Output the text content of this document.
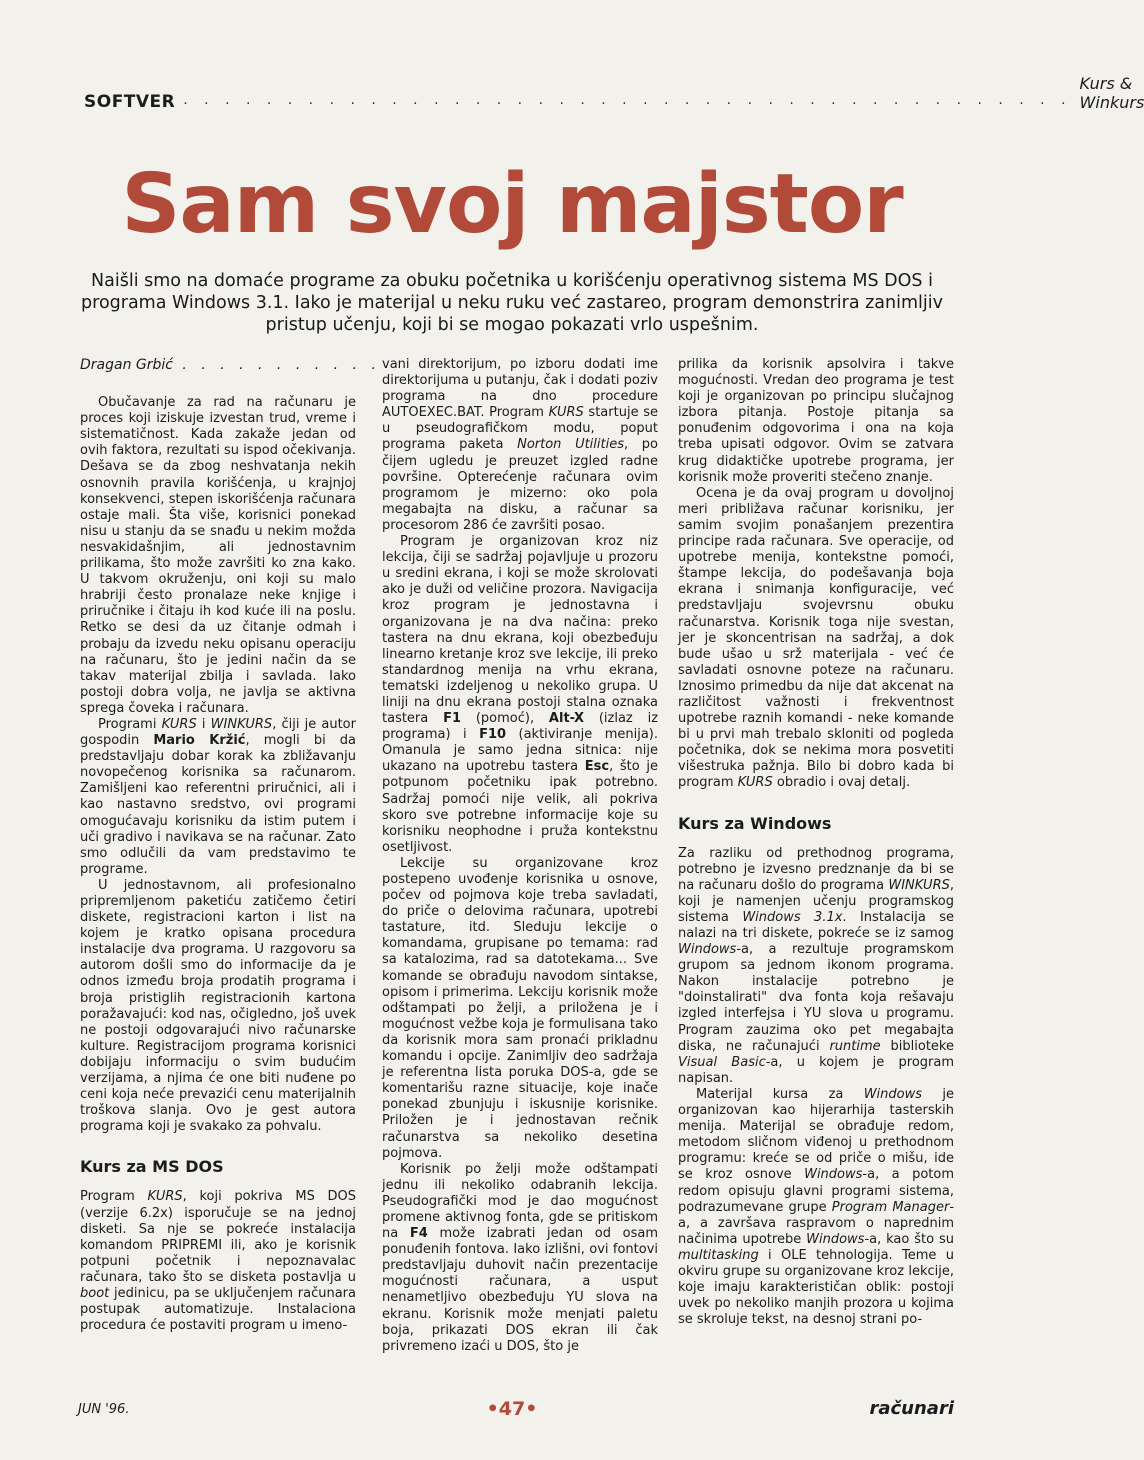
SOFTVER . . . . . . . . . . . . . . . . . . . . . . . . . . . . . . . . . . . . . . . . . . .
Kurs & Winkurs
Sam svoj majstor
Naišli smo na domaće programe za obuku početnika u korišćenju operativnog sistema MS DOS i programa Windows 3.1. Iako je materijal u neku ruku već zastareo, program demonstrira zanimljiv pristup učenju, koji bi se mogao pokazati vrlo uspešnim.
Dragan Grbić . . . . . . . . . . .

Obučavanje za rad na računaru je proces koji iziskuje izvestan trud, vreme i sistematičnost. Kada zakaže jedan od ovih faktora, rezultati su ispod očekivanja. Dešava se da zbog neshvatanja nekih osnovnih pravila korišćenja, u krajnjoj konsekvenci, stepen iskorišćenja računara ostaje mali. Šta više, korisnici ponekad nisu u stanju da se snađu u nekim možda nesvakidašnjim, ali jednostavnim prilikama, što može završiti ko zna kako. U takvom okruženju, oni koji su malo hrabriji često pronalaze neke knjige i priručnike i čitaju ih kod kuće ili na poslu. Retko se desi da uz čitanje odmah i probaju da izvedu neku opisanu operaciju na računaru, što je jedini način da se takav materijal zbilja i savlada. Iako postoji dobra volja, ne javlja se aktivna sprega čoveka i računara.

Programi KURS i WINKURS, čiji je autor gospodin Mario Kržić, mogli bi da predstavljaju dobar korak ka zbližavanju novopečenog korisnika sa računarom. Zamišljeni kao referentni priručnici, ali i kao nastavno sredstvo, ovi programi omogućavaju korisniku da istim putem i uči gradivo i navikava se na računar. Zato smo odlučili da vam predstavimo te programe.

U jednostavnom, ali profesionalno pripremljenom paketiću zatičemo četiri diskete, registracioni karton i list na kojem je kratko opisana procedura instalacije dva programa. U razgovoru sa autorom došli smo do informacije da je odnos između broja prodatih programa i broja pristiglih registracionih kartona poražavajući: kod nas, očigledno, još uvek ne postoji odgovarajući nivo računarske kulture. Registracijom programa korisnici dobijaju informaciju o svim budućim verzijama, a njima će one biti nuđene po ceni koja neće prevazići cenu materijalnih troškova slanja. Ovo je gest autora programa koji je svakako za pohvalu.

Kurs za MS DOS

Program KURS, koji pokriva MS DOS (verzije 6.2x) isporučuje se na jednoj disketi. Sa nje se pokreće instalacija komandom PRIPREMI ili, ako je korisnik potpuni početnik i nepoznavalac računara, tako što se disketa postavlja u boot jedinicu, pa se uključenjem računara postupak automatizuje. Instalaciona procedura će postaviti program u imeno-

vani direktorijum, po izboru dodati ime direktorijuma u putanju, čak i dodati poziv programa na dno procedure AUTOEXEC.BAT. Program KURS startuje se u pseudografičkom modu, poput programa paketa Norton Utilities, po čijem ugledu je preuzet izgled radne površine. Opterećenje računara ovim programom je mizerno: oko pola megabajta na disku, a računar sa procesorom 286 će završiti posao.

Program je organizovan kroz niz lekcija, čiji se sadržaj pojavljuje u prozoru u sredini ekrana, i koji se može skrolovati ako je duži od veličine prozora. Navigacija kroz program je jednostavna i organizovana je na dva načina: preko tastera na dnu ekrana, koji obezbeđuju linearno kretanje kroz sve lekcije, ili preko standardnog menija na vrhu ekrana, tematski izdeljenog u nekoliko grupa. U liniji na dnu ekrana postoji stalna oznaka tastera F1 (pomoć), Alt-X (izlaz iz programa) i F10 (aktiviranje menija). Omanula je samo jedna sitnica: nije ukazano na upotrebu tastera Esc, što je potpunom početniku ipak potrebno. Sadržaj pomoći nije velik, ali pokriva skoro sve potrebne informacije koje su korisniku neophodne i pruža kontekstnu osetljivost.

Lekcije su organizovane kroz postepeno uvođenje korisnika u osnove, počev od pojmova koje treba savladati, do priče o delovima računara, upotrebi tastature, itd. Sleduju lekcije o komandama, grupisane po temama: rad sa katalozima, rad sa datotekama... Sve komande se obrađuju navodom sintakse, opisom i primerima. Lekciju korisnik može odštampati po želji, a priložena je i mogućnost vežbe koja je formulisana tako da korisnik mora sam pronaći prikladnu komandu i opcije. Zanimljiv deo sadržaja je referentna lista poruka DOS-a, gde se komentarišu razne situacije, koje inače ponekad zbunjuju i iskusnije korisnike. Priložen je i jednostavan rečnik računarstva sa nekoliko desetina pojmova.

Korisnik po želji može odštampati jednu ili nekoliko odabranih lekcija. Pseudografički mod je dao mogućnost promene aktivnog fonta, gde se pritiskom na F4 može izabrati jedan od osam ponuđenih fontova. Iako izlišni, ovi fontovi predstavljaju duhovit način prezentacije mogućnosti računara, a usput nenametljivo obezbeđuju YU slova na ekranu. Korisnik može menjati paletu boja, prikazati DOS ekran ili čak privremeno izaći u DOS, što je

prilika da korisnik apsolvira i takve mogućnosti. Vredan deo programa je test koji je organizovan po principu slučajnog izbora pitanja. Postoje pitanja sa ponuđenim odgovorima i ona na koja treba upisati odgovor. Ovim se zatvara krug didaktičke upotrebe programa, jer korisnik može proveriti stečeno znanje.

Ocena je da ovaj program u dovoljnoj meri približava računar korisniku, jer samim svojim ponašanjem prezentira principe rada računara. Sve operacije, od upotrebe menija, kontekstne pomoći, štampe lekcija, do podešavanja boja ekrana i snimanja konfiguracije, već predstavljaju svojevrsnu obuku računarstva. Korisnik toga nije svestan, jer je skoncentrisan na sadržaj, a dok bude ušao u srž materijala - već će savladati osnovne poteze na računaru. Iznosimo primedbu da nije dat akcenat na različitost važnosti i frekventnost upotrebe raznih komandi - neke komande bi u prvi mah trebalo skloniti od pogleda početnika, dok se nekima mora posvetiti višestruka pažnja. Bilo bi dobro kada bi program KURS obradio i ovaj detalj.

Kurs za Windows

Za razliku od prethodnog programa, potrebno je izvesno predznanje da bi se na računaru došlo do programa WINKURS, koji je namenjen učenju programskog sistema Windows 3.1x. Instalacija se nalazi na tri diskete, pokreće se iz samog Windows-a, a rezultuje programskom grupom sa jednom ikonom programa. Nakon instalacije potrebno je "doinstalirati" dva fonta koja rešavaju izgled interfejsa i YU slova u programu. Program zauzima oko pet megabajta diska, ne računajući runtime biblioteke Visual Basic-a, u kojem je program napisan.

Materijal kursa za Windows je organizovan kao hijerarhija tasterskih menija. Materijal se obrađuje redom, metodom sličnom viđenoj u prethodnom programu: kreće se od priče o mišu, ide se kroz osnove Windows-a, a potom redom opisuju glavni programi sistema, podrazumevane grupe Program Manager-a, a završava raspravom o naprednim načinima upotrebe Windows-a, kao što su multitasking i OLE tehnologija. Teme u okviru grupe su organizovane kroz lekcije, koje imaju karakterističan oblik: postoji uvek po nekoliko manjih prozora u kojima se skroluje tekst, na desnoj strani po-

JUN '96.	•47•	računari
